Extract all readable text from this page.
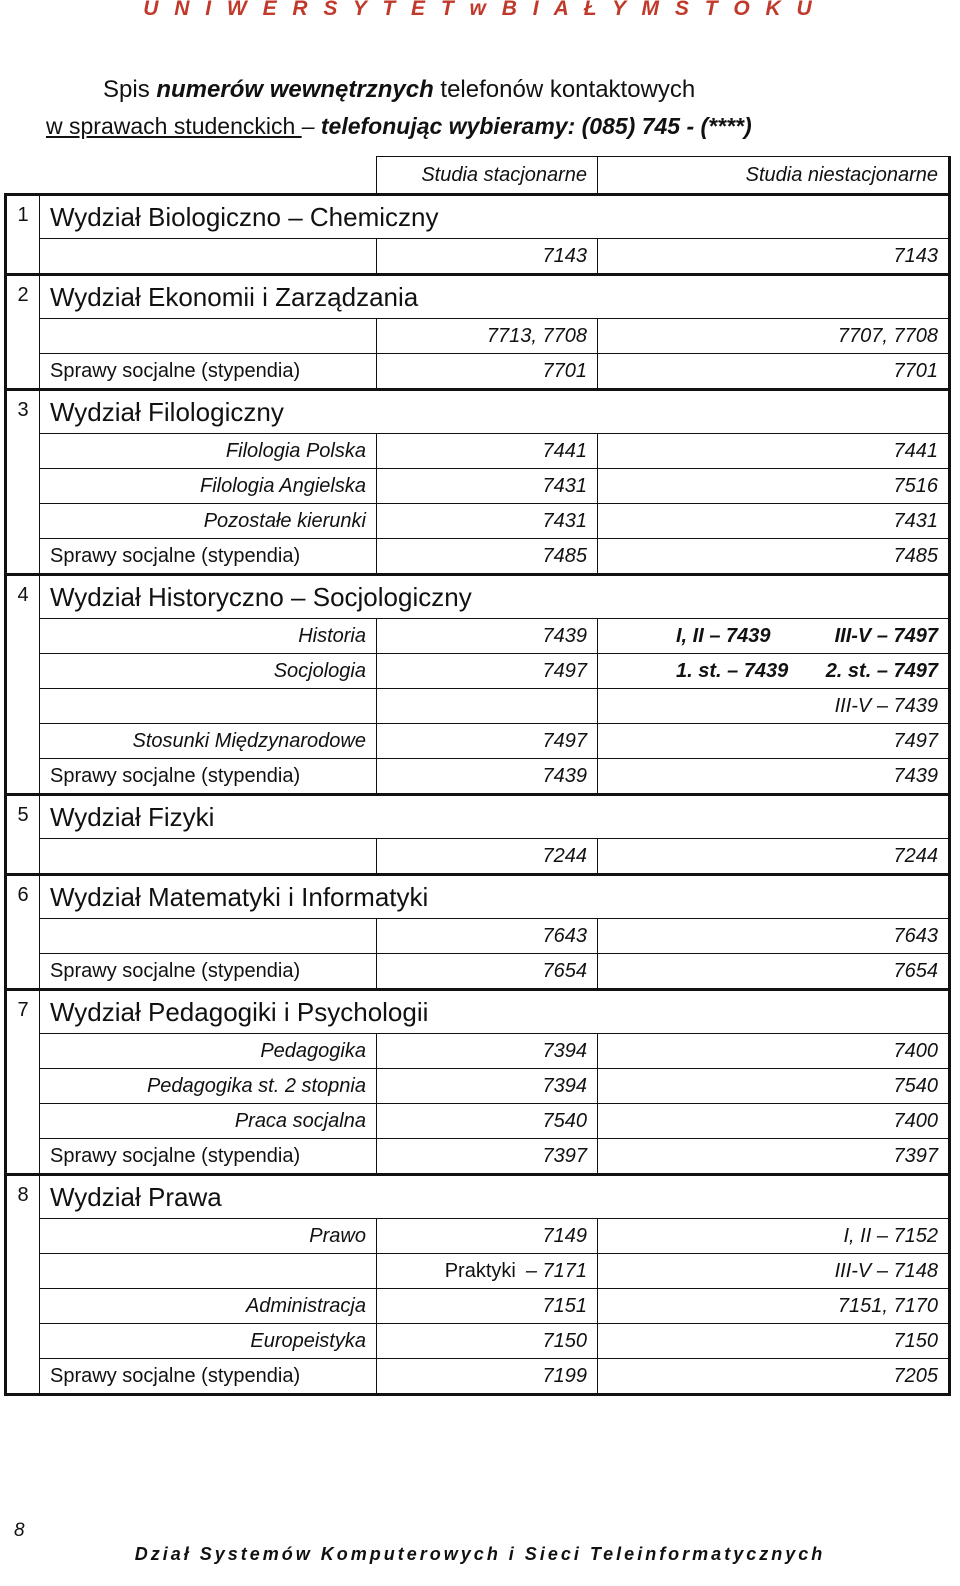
U N I W E R S Y T E T w B I A Ł Y M S T O K U
Spis numerów wewnętrznych telefonów kontaktowych
w sprawach studenckich – telefonując wybieramy: (085) 745 - (****)
		Studia stacjonarne	Studia niestacjonarne
1	Wydział Biologiczno – Chemiczny		
		7143	7143
2	Wydział Ekonomii i Zarządzania		
		7713, 7708	7707, 7708
	Sprawy socjalne (stypendia)	7701	7701
3	Wydział Filologiczny		
	Filologia Polska	7441	7441
	Filologia Angielska	7431	7516
	Pozostałe kierunki	7431	7431
	Sprawy socjalne (stypendia)	7485	7485
4	Wydział Historyczno – Socjologiczny		
	Historia	7439	I, II – 7439 III-V – 7497
	Socjologia	7497	1. st. – 7439 2. st. – 7497
			III-V – 7439
	Stosunki Międzynarodowe	7497	7497
	Sprawy socjalne (stypendia)	7439	7439
5	Wydział Fizyki		
		7244	7244
6	Wydział Matematyki i Informatyki		
		7643	7643
	Sprawy socjalne (stypendia)	7654	7654
7	Wydział Pedagogiki i Psychologii		
	Pedagogika	7394	7400
	Pedagogika st. 2 stopnia	7394	7540
	Praca socjalna	7540	7400
	Sprawy socjalne (stypendia)	7397	7397
8	Wydział Prawa		
	Prawo	7149	I, II – 7152
		Praktyki – 7171	III-V – 7148
	Administracja	7151	7151, 7170
	Europeistyka	7150	7150
	Sprawy socjalne (stypendia)	7199	7205
8
Dział Systemów Komputerowych i Sieci Teleinformatycznych
